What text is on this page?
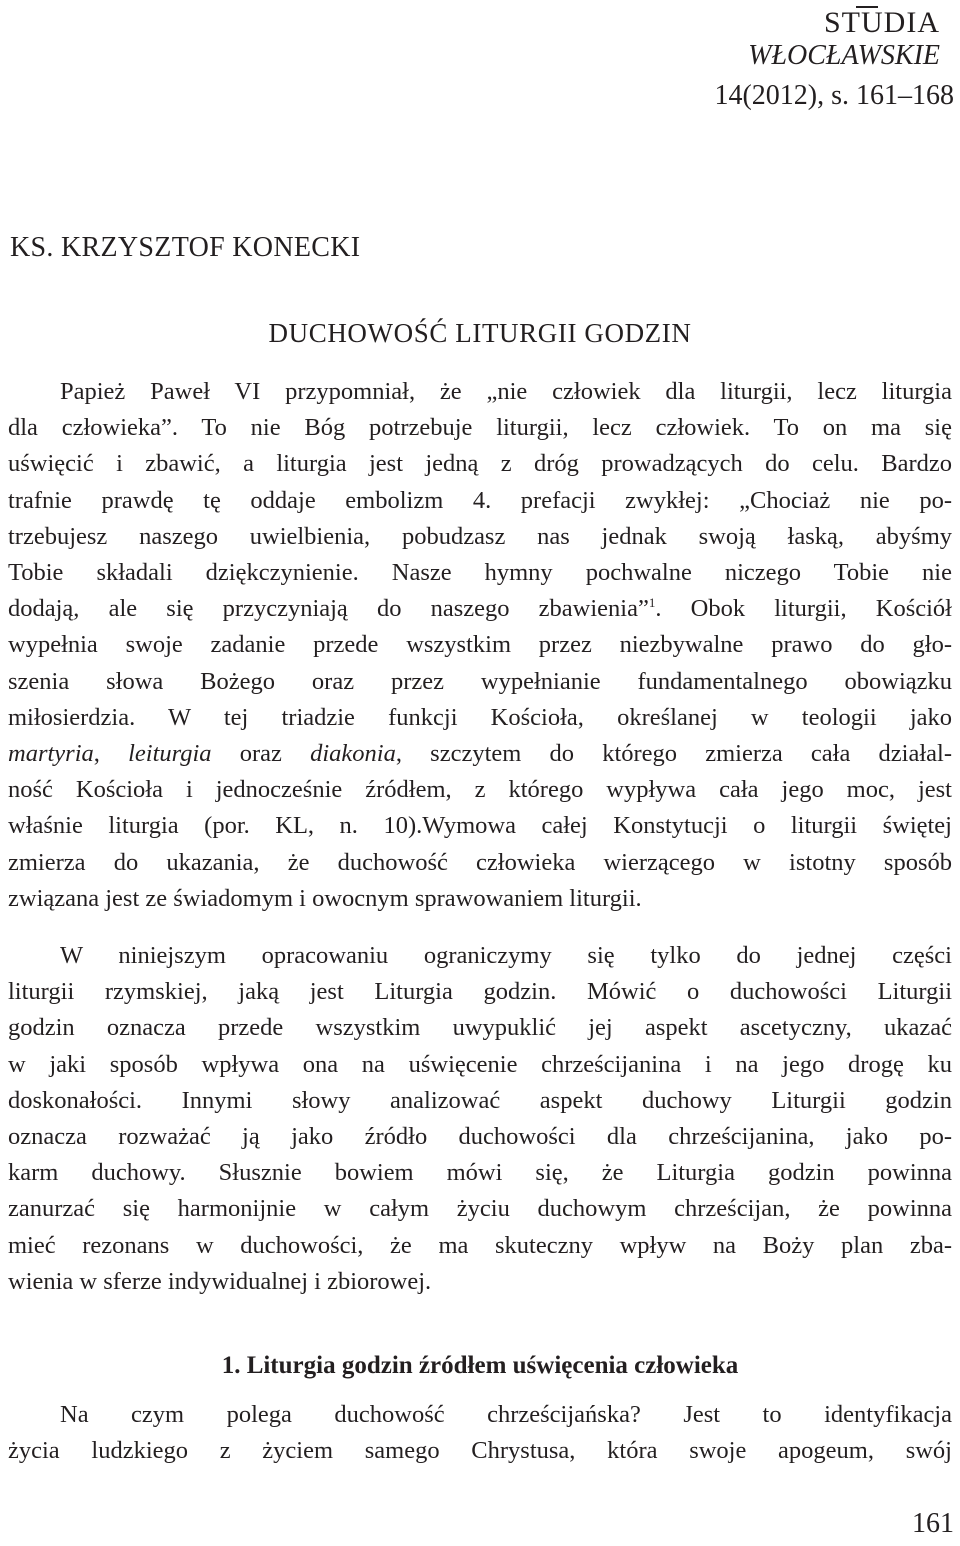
STUDIA
WŁOCŁAWSKIE
14(2012), s. 161–168
KS. KRZYSZTOF KONECKI
DUCHOWOŚĆ LITURGII GODZIN
Papież Paweł VI przypomniał, że „nie człowiek dla liturgii, lecz liturgia
dla człowieka”. To nie Bóg potrzebuje liturgii, lecz człowiek. To on ma się
uświęcić i zbawić, a liturgia jest jedną z dróg prowadzących do celu. Bardzo
trafnie prawdę tę oddaje embolizm 4. prefacji zwykłej: „Chociaż nie po-
trzebujesz naszego uwielbienia, pobudzasz nas jednak swoją łaską, abyśmy
Tobie składali dziękczynienie. Nasze hymny pochwalne niczego Tobie nie
dodają, ale się przyczyniają do naszego zbawienia”$^1$. Obok liturgii, Kościół
wypełnia swoje zadanie przede wszystkim przez niezbywalne prawo do gło-
szenia słowa Bożego oraz przez wypełnianie fundamentalnego obowiązku
miłosierdzia. W tej triadzie funkcji Kościoła, określanej w teologii jako
martyria, leiturgia oraz diakonia, szczytem do którego zmierza cała działal-
ność Kościoła i jednocześnie źródłem, z którego wypływa cała jego moc, jest
właśnie liturgia (por. KL, n. 10).Wymowa całej Konstytucji o liturgii świętej
zmierza do ukazania, że duchowość człowieka wierzącego w istotny sposób
związana jest ze świadomym i owocnym sprawowaniem liturgii.
W niniejszym opracowaniu ograniczymy się tylko do jednej części
liturgii rzymskiej, jaką jest Liturgia godzin. Mówić o duchowości Liturgii
godzin oznacza przede wszystkim uwypuklić jej aspekt ascetyczny, ukazać
w jaki sposób wpływa ona na uświęcenie chrześcijanina i na jego drogę ku
doskonałości. Innymi słowy analizować aspekt duchowy Liturgii godzin
oznacza rozważać ją jako źródło duchowości dla chrześcijanina, jako po-
karm duchowy. Słusznie bowiem mówi się, że Liturgia godzin powinna
zanurzać się harmonijnie w całym życiu duchowym chrześcijan, że powinna
mieć rezonans w duchowości, że ma skuteczny wpływ na Boży plan zba-
wienia w sferze indywidualnej i zbiorowej.
1. Liturgia godzin źródłem uświęcenia człowieka
Na czym polega duchowość chrześcijańska? Jest to identyfikacja
życia ludzkiego z życiem samego Chrystusa, która swoje apogeum, swój
161
